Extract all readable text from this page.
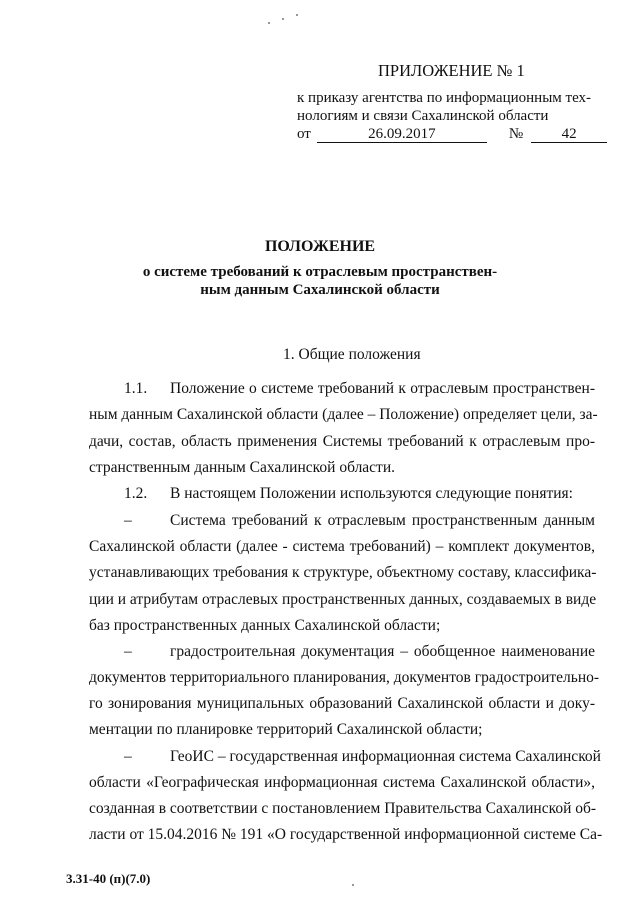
ПРИЛОЖЕНИЕ № 1
к приказу агентства по информационным тех-
нологиям и связи Сахалинской области
от	26.09.2017	№	42
ПОЛОЖЕНИЕ
о системе требований к отраслевым пространствен-
ным данным Сахалинской области
1. Общие положения
1.1. Положение о системе требований к отраслевым пространствен-
ным данным Сахалинской области (далее – Положение) определяет цели, за-
дачи, состав, область применения Системы требований к отраслевым про-
странственным данным Сахалинской области.
1.2. В настоящем Положении используются следующие понятия:
– Система требований к отраслевым пространственным данным
Сахалинской области (далее - система требований) – комплект документов,
устанавливающих требования к структуре, объектному составу, классифика-
ции и атрибутам отраслевых пространственных данных, создаваемых в виде
баз пространственных данных Сахалинской области;
– градостроительная документация – обобщенное наименование
документов территориального планирования, документов градостроительно-
го зонирования муниципальных образований Сахалинской области и доку-
ментации по планировке территорий Сахалинской области;
– ГеоИС – государственная информационная система Сахалинской
области «Географическая информационная система Сахалинской области»,
созданная в соответствии с постановлением Правительства Сахалинской об-
ласти от 15.04.2016 № 191 «О государственной информационной системе Са-
3.31-40 (п)(7.0)
